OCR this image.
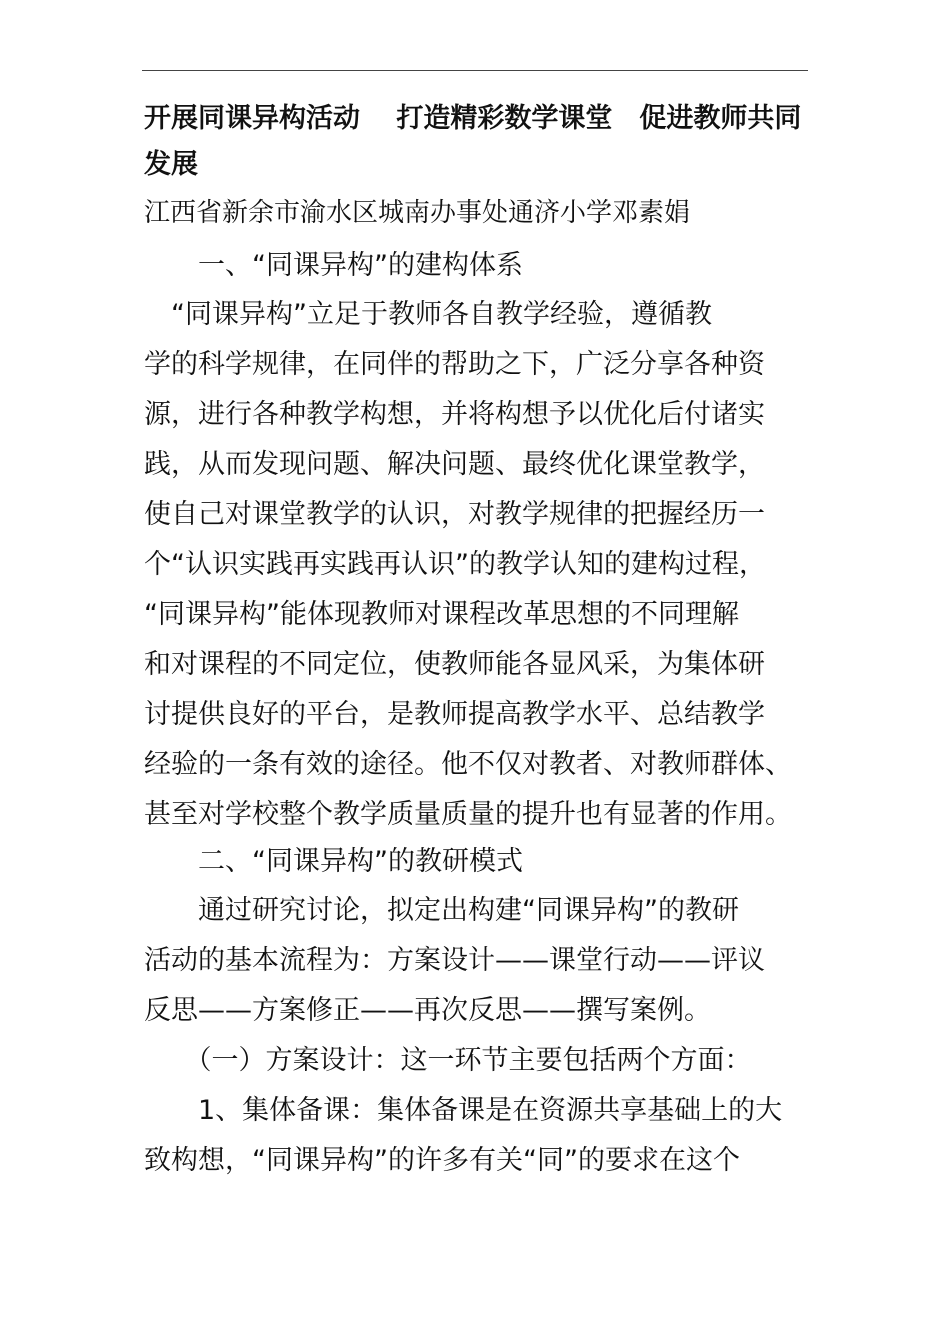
开展同课异构活动　 打造精彩数学课堂　促进教师共同发展
江西省新余市渝水区城南办事处通济小学邓素娟
　　一、“同课异构”的建构体系
　“同课异构”立足于教师各自教学经验，遵循教
学的科学规律，在同伴的帮助之下，广泛分享各种资
源，进行各种教学构想，并将构想予以优化后付诸实
践，从而发现问题、解决问题、最终优化课堂教学，
使自己对课堂教学的认识，对教学规律的把握经历一
个“认识实践再实践再认识”的教学认知的建构过程，
“同课异构”能体现教师对课程改革思想的不同理解
和对课程的不同定位，使教师能各显风采，为集体研
讨提供良好的平台，是教师提高教学水平、总结教学
经验的一条有效的途径。他不仅对教者、对教师群体、
甚至对学校整个教学质量质量的提升也有显著的作用。
　　二、“同课异构”的教研模式
　　通过研究讨论，拟定出构建“同课异构”的教研
活动的基本流程为：方案设计——课堂行动——评议
反思——方案修正——再次反思——撰写案例。
　　（一）方案设计：这一环节主要包括两个方面：
　　1、集体备课：集体备课是在资源共享基础上的大
致构想，“同课异构”的许多有关“同”的要求在这个
